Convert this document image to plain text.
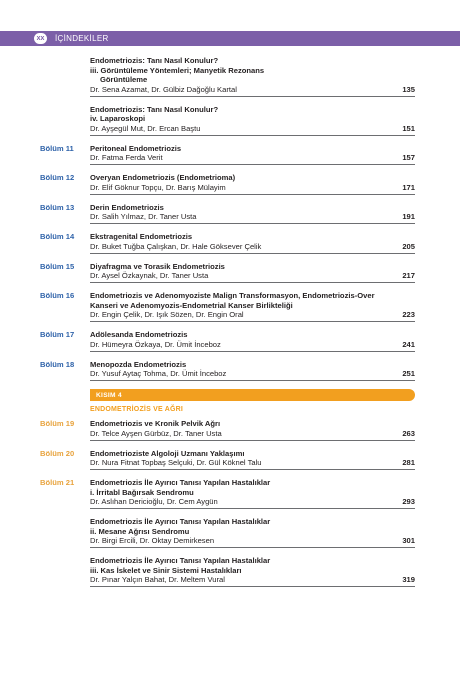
xx	İÇİNDEKİLER
Endometriozis: Tanı Nasıl Konulur?
iii. Görüntüleme Yöntemleri; Manyetik Rezonans
Görüntüleme
Dr. Sena Azamat, Dr. Gülbiz Dağoğlu Kartal	135
Endometriozis: Tanı Nasıl Konulur?
iv. Laparoskopi
Dr. Ayşegül Mut, Dr. Ercan Baştu	151
Bölüm 11	Peritoneal Endometriozis
Dr. Fatma Ferda Verit	157
Bölüm 12	Overyan Endometriozis (Endometrioma)
Dr. Elif Göknur Topçu, Dr. Barış Mülayim	171
Bölüm 13	Derin Endometriozis
Dr. Salih Yılmaz, Dr. Taner Usta	191
Bölüm 14	Ekstragenital Endometriozis
Dr. Buket Tuğba Çalışkan, Dr. Hale Göksever Çelik	205
Bölüm 15	Diyafragma ve Torasik Endometriozis
Dr. Aysel Özkaynak, Dr. Taner Usta	217
Bölüm 16	Endometriozis ve Adenomyoziste Malign Transformasyon, Endometriozis-Over
Kanseri ve Adenomyozis-Endometrial Kanser Birlikteliği
Dr. Engin Çelik, Dr. Işık Sözen, Dr. Engin Oral	223
Bölüm 17	Adölesanda Endometriozis
Dr. Hümeyra Özkaya, Dr. Ümit İnceboz	241
Bölüm 18	Menopozda Endometriozis
Dr. Yusuf Aytaç Tohma, Dr. Ümit İnceboz	251
KISIM 4
ENDOMETRİOZİS VE AĞRI
Bölüm 19	Endometriozis ve Kronik Pelvik Ağrı
Dr. Telce Ayşen Gürbüz, Dr. Taner Usta	263
Bölüm 20	Endometrioziste Algoloji Uzmanı Yaklaşımı
Dr. Nura Fitnat Topbaş Selçuki, Dr. Gül Köknel Talu	281
Bölüm 21	Endometriozis İle Ayırıcı Tanısı Yapılan Hastalıklar
i. İrritabl Bağırsak Sendromu
Dr. Aslıhan Dericioğlu, Dr. Cem Aygün	293
Endometriozis İle Ayırıcı Tanısı Yapılan Hastalıklar
ii. Mesane Ağrısı Sendromu
Dr. Birgi Ercili, Dr. Oktay Demirkesen	301
Endometriozis İle Ayırıcı Tanısı Yapılan Hastalıklar
iii. Kas İskelet ve Sinir Sistemi Hastalıkları
Dr. Pınar Yalçın Bahat, Dr. Meltem Vural	319
